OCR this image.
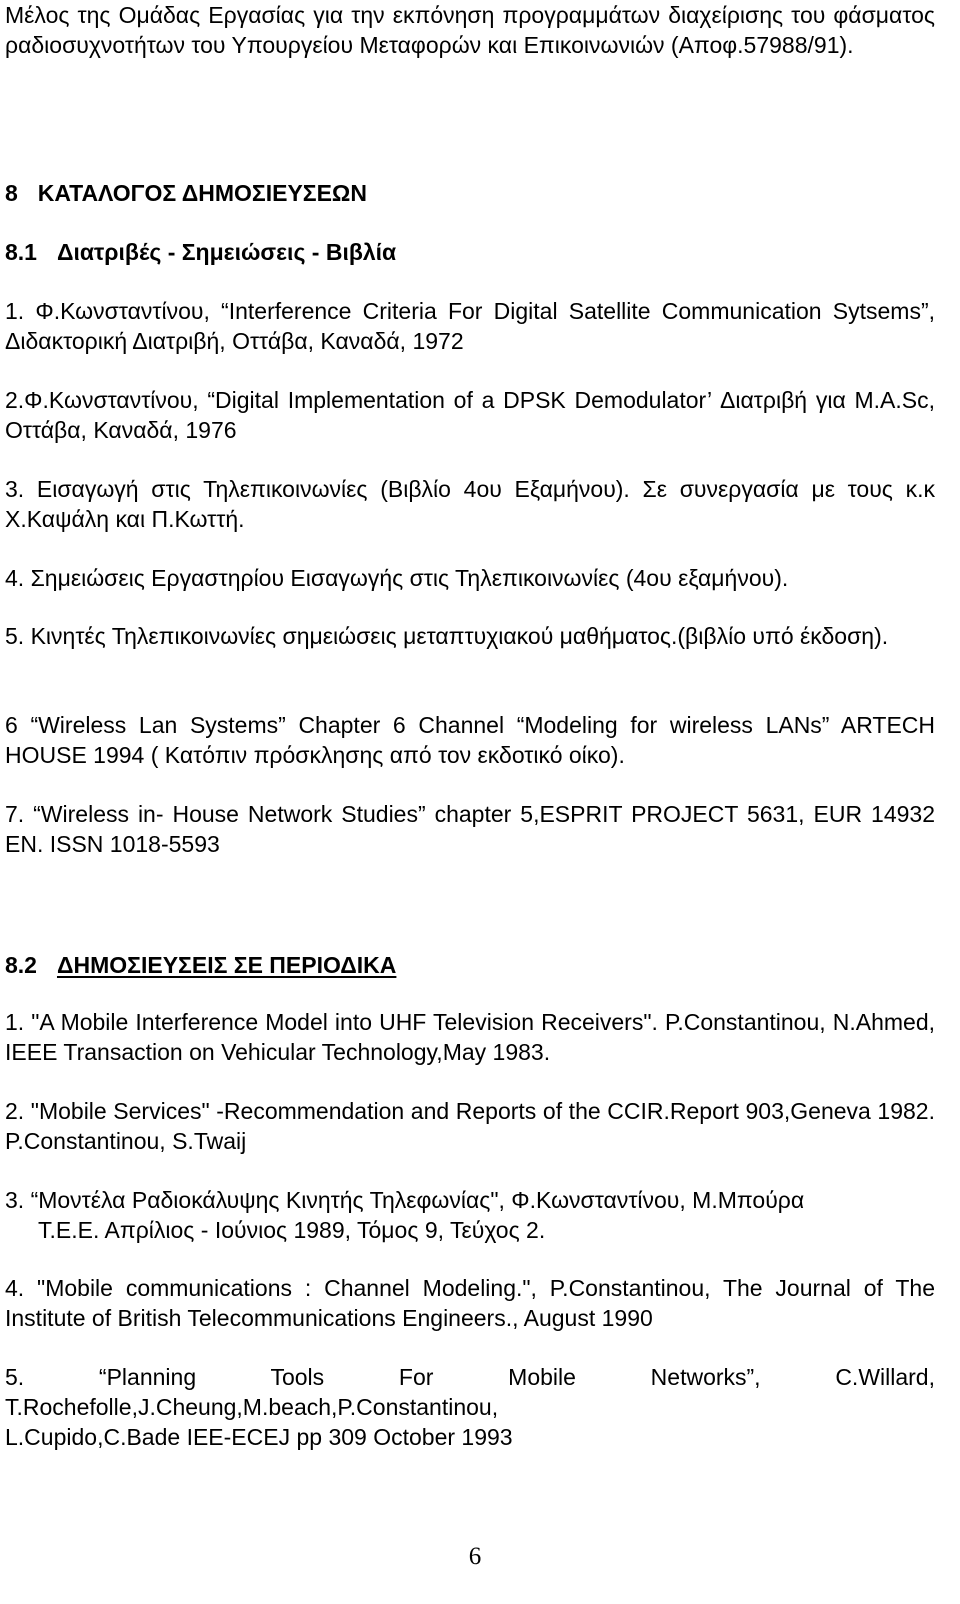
Μέλος της Ομάδας Εργασίας για την εκπόνηση προγραμμάτων διαχείρισης του φάσματος ραδιοσυχνοτήτων του Υπουργείου Μεταφορών και Επικοινωνιών (Αποφ.57988/91).

8 ΚΑΤΑΛΟΓΟΣ ΔΗΜΟΣΙΕΥΣΕΩΝ
8.1 Διατριβές - Σημειώσεις - Βιβλία

1. Φ.Κωνσταντίνου, “Interference Criteria For Digital Satellite Communication Sytsems”, Διδακτορική Διατριβή, Οττάβα, Καναδά, 1972

2.Φ.Κωνσταντίνου, “Digital Implementation of a DPSK Demodulator’ Διατριβή για Μ.Α.Sc, Οττάβα, Καναδά, 1976

3. Εισαγωγή στις Τηλεπικοινωνίες (Βιβλίο 4ου Εξαμήνου). Σε συνεργασία με τους κ.κ Χ.Καψάλη και Π.Κωττή.

4. Σημειώσεις Εργαστηρίου Εισαγωγής στις Τηλεπικοινωνίες (4ου εξαμήνου).

5. Κινητές Τηλεπικοινωνίες σημειώσεις μεταπτυχιακού μαθήματος.(βιβλίο υπό έκδοση).

6 “Wireless Lan Systems” Chapter 6 Channel “Modeling for wireless LANs” ARTECH HOUSE 1994 ( Κατόπιν πρόσκλησης από τον εκδοτικό οίκο).

7. “Wireless in- House Network Studies” chapter 5,ESPRIT PROJECT 5631, EUR 14932 EN. ISSN 1018-5593

8.2 ΔΗΜΟΣΙΕΥΣΕΙΣ ΣΕ ΠΕΡΙΟΔΙΚΑ

1. "A Mobile Interference Model into UHF Television Receivers". P.Constantinou, N.Ahmed, IEEE Transaction on Vehicular Technology,May 1983.

2. "Mobile Services" -Recommendation and Reports of the CCIR.Report 903,Geneva 1982. P.Constantinou, S.Twaij

3. “Μοντέλα Ραδιοκάλυψης Κινητής Τηλεφωνίας", Φ.Κωνσταντίνου, Μ.Μπούρα
Τ.Ε.Ε. Απρίλιος - Ιούνιος 1989, Τόμος 9, Τεύχος 2.

4. "Mobile communications : Channel Modeling.", P.Constantinou, The Journal of The Institute of British Telecommunications Engineers., August 1990

5. “Planning Tools For Mobile Networks”, C.Willard,
T.Rochefolle,J.Cheung,M.beach,P.Constantinou,
L.Cupido,C.Bade IEE-ECEJ pp 309 October 1993
6
